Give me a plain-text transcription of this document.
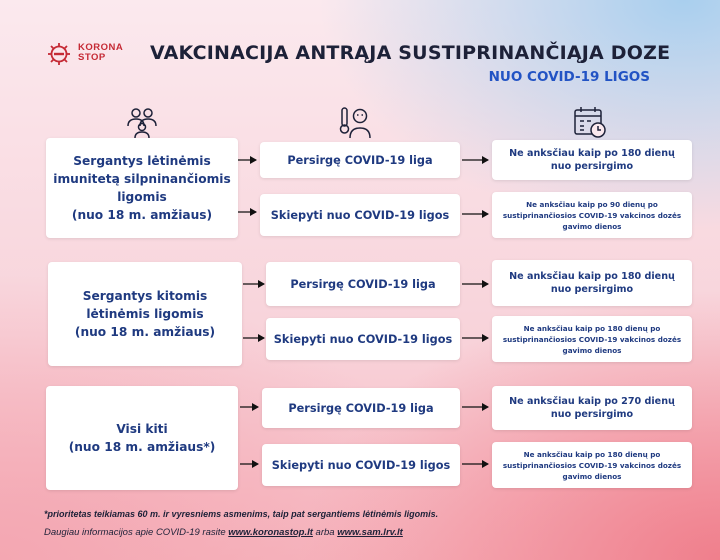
KORONA
STOP	VAKCINACIJA ANTRĄJA SUSTIPRINANČIĄJA DOZE
NUO COVID-19 LIGOS
Sergantys lėtinėmis imunitetą silpninančiomis ligomis
(nuo 18 m. amžiaus)
Persirgę COVID-19 liga
Skiepyti nuo COVID-19 ligos
Ne anksčiau kaip po 180 dienų nuo persirgimo
Ne anksčiau kaip po 90 dienų po sustiprinančiosios COVID-19 vakcinos dozės gavimo dienos
Sergantys kitomis lėtinėmis ligomis
(nuo 18 m. amžiaus)
Persirgę COVID-19 liga
Skiepyti nuo COVID-19 ligos
Ne anksčiau kaip po 180 dienų nuo persirgimo
Ne anksčiau kaip po 180 dienų po sustiprinančiosios COVID-19 vakcinos dozės gavimo dienos
Visi kiti
(nuo 18 m. amžiaus*)
Persirgę COVID-19 liga
Skiepyti nuo COVID-19 ligos
Ne anksčiau kaip po 270 dienų nuo persirgimo
Ne anksčiau kaip po 180 dienų po sustiprinančiosios COVID-19 vakcinos dozės gavimo dienos
*prioritetas teikiamas 60 m. ir vyresniems asmenims, taip pat sergantiems lėtinėmis ligomis.
Daugiau informacijos apie COVID-19 rasite www.koronastop.lt arba www.sam.lrv.lt
